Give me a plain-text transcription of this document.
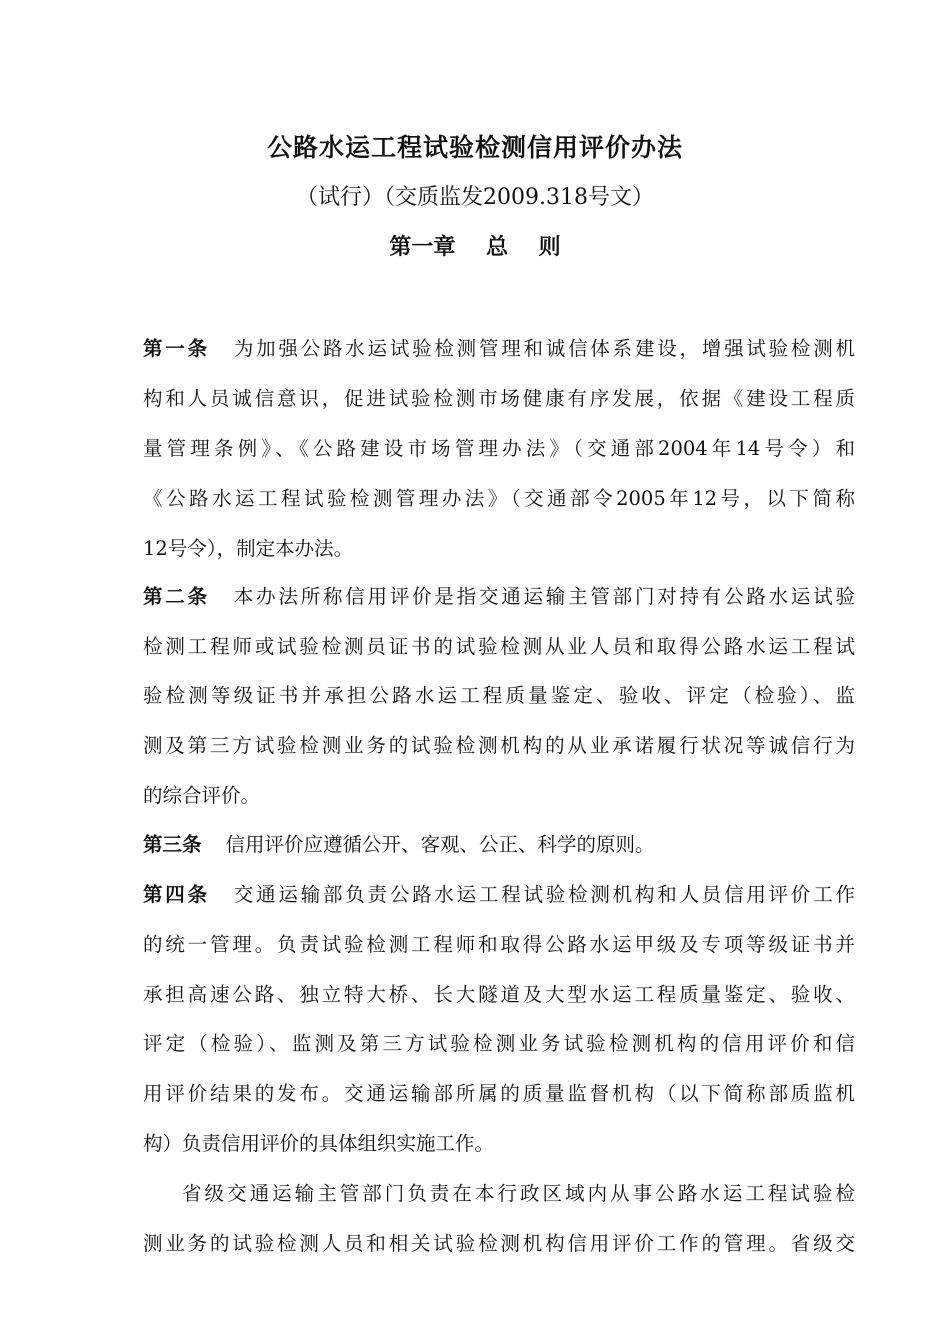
公路水运工程试验检测信用评价办法
（试行）（交质监发2009.318号文）
第一章    总    则
第一条 为加强公路水运试验检测管理和诚信体系建设，增强试验检测机
构和人员诚信意识，促进试验检测市场健康有序发展，依据《建设工程质
量管理条例》、《公路建设市场管理办法》（交通部2004年14号令）和
《公路水运工程试验检测管理办法》（交通部令2005年12号，以下简称
12号令），制定本办法。
第二条 本办法所称信用评价是指交通运输主管部门对持有公路水运试验
检测工程师或试验检测员证书的试验检测从业人员和取得公路水运工程试
验检测等级证书并承担公路水运工程质量鉴定、验收、评定（检验）、监
测及第三方试验检测业务的试验检测机构的从业承诺履行状况等诚信行为
的综合评价。
第三条 信用评价应遵循公开、客观、公正、科学的原则。
第四条 交通运输部负责公路水运工程试验检测机构和人员信用评价工作
的统一管理。负责试验检测工程师和取得公路水运甲级及专项等级证书并
承担高速公路、独立特大桥、长大隧道及大型水运工程质量鉴定、验收、
评定（检验）、监测及第三方试验检测业务试验检测机构的信用评价和信
用评价结果的发布。交通运输部所属的质量监督机构（以下简称部质监机
构）负责信用评价的具体组织实施工作。
省级交通运输主管部门负责在本行政区域内从事公路水运工程试验检
测业务的试验检测人员和相关试验检测机构信用评价工作的管理。省级交
